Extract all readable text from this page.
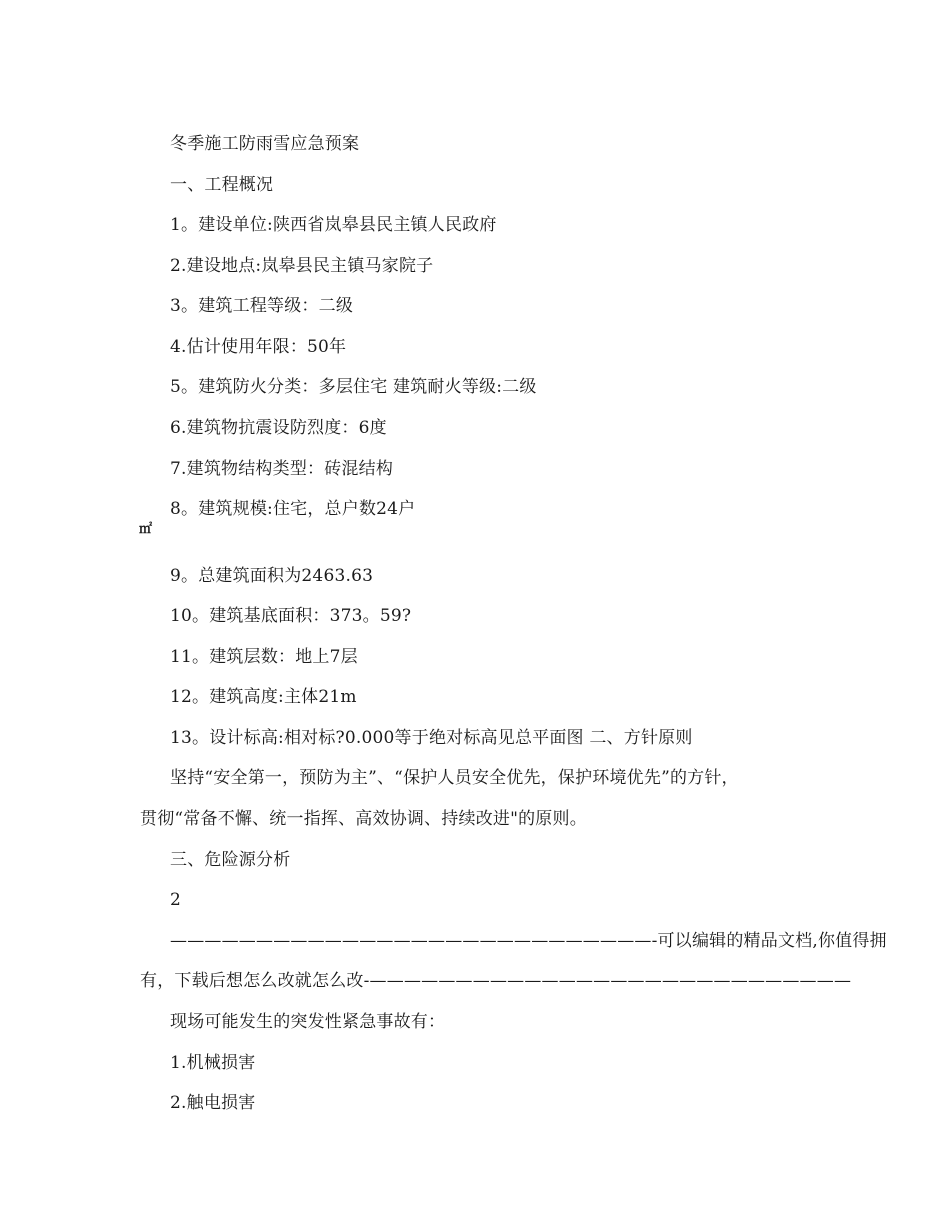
冬季施工防雨雪应急预案
一、工程概况
1。建设单位:陕西省岚皋县民主镇人民政府
2.建设地点:岚皋县民主镇马家院子
3。建筑工程等级：二级
4.估计使用年限：50年
5。建筑防火分类：多层住宅 建筑耐火等级:二级
6.建筑物抗震设防烈度：6度
7.建筑物结构类型：砖混结构
8。建筑规模:住宅，总户数24户
㎡
9。总建筑面积为2463.63
10。建筑基底面积：373。59?
11。建筑层数：地上7层
12。建筑高度:主体21m
13。设计标高:相对标?0.000等于绝对标高见总平面图 二、方针原则
坚持“安全第一，预防为主”、“保护人员安全优先，保护环境优先”的方针，
贯彻“常备不懈、统一指挥、高效协调、持续改进"的原则。
三、危险源分析
2
————————————————————————————-可以编辑的精品文档,你值得拥
有，下载后想怎么改就怎么改-————————————————————————————
现场可能发生的突发性紧急事故有：
1.机械损害
2.触电损害
